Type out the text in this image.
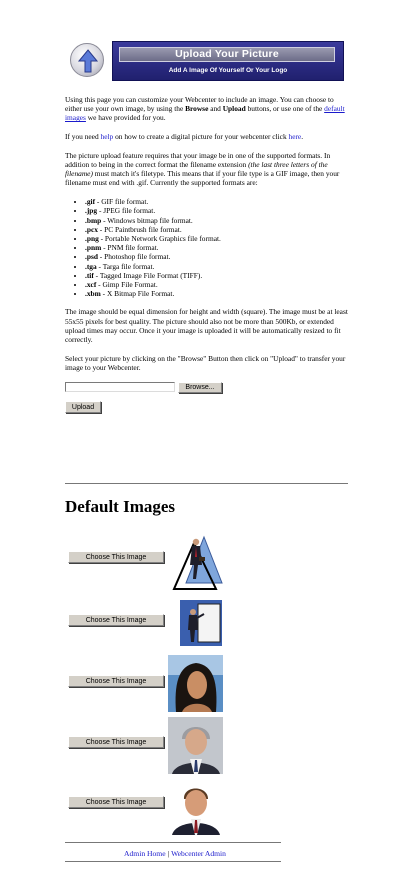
Upload Your Picture
Add A Image Of Yourself Or Your Logo

Using this page you can customize your Webcenter to include an image. You can choose to either use your own image, by using the Browse and Upload buttons, or use one of the default images we have provided for you.

If you need help on how to create a digital picture for your webcenter click here.

The picture upload feature requires that your image be in one of the supported formats. In addition to being in the correct format the filename extension (the last three letters of the filename) must match it's filetype. This means that if your file type is a GIF image, then your filename must end with .gif. Currently the supported formats are:

• .gif - GIF file format.
• .jpg - JPEG file format.
• .bmp - Windows bitmap file format.
• .pcx - PC Paintbrush file format.
• .png - Portable Network Graphics file format.
• .pnm - PNM file format.
• .psd - Photoshop file format.
• .tga - Targa file format.
• .tif - Tagged Image File Format (TIFF).
• .xcf - Gimp File Format.
• .xbm - X Bitmap File Format.

The image should be equal dimension for height and width (square). The image must be at least 55x55 pixels for best quality. The picture should also not be more than 500Kb, or extended upload times may occur. Once it your image is uploaded it will be automatically resized to fit correctly.

Select your picture by clicking on the "Browse" Button then click on "Upload" to transfer your image to your Webcenter.

Browse...
Upload
Default Images
Choose This Image
Choose This Image
Choose This Image
Choose This Image
Choose This Image
Admin Home | Webcenter Admin
